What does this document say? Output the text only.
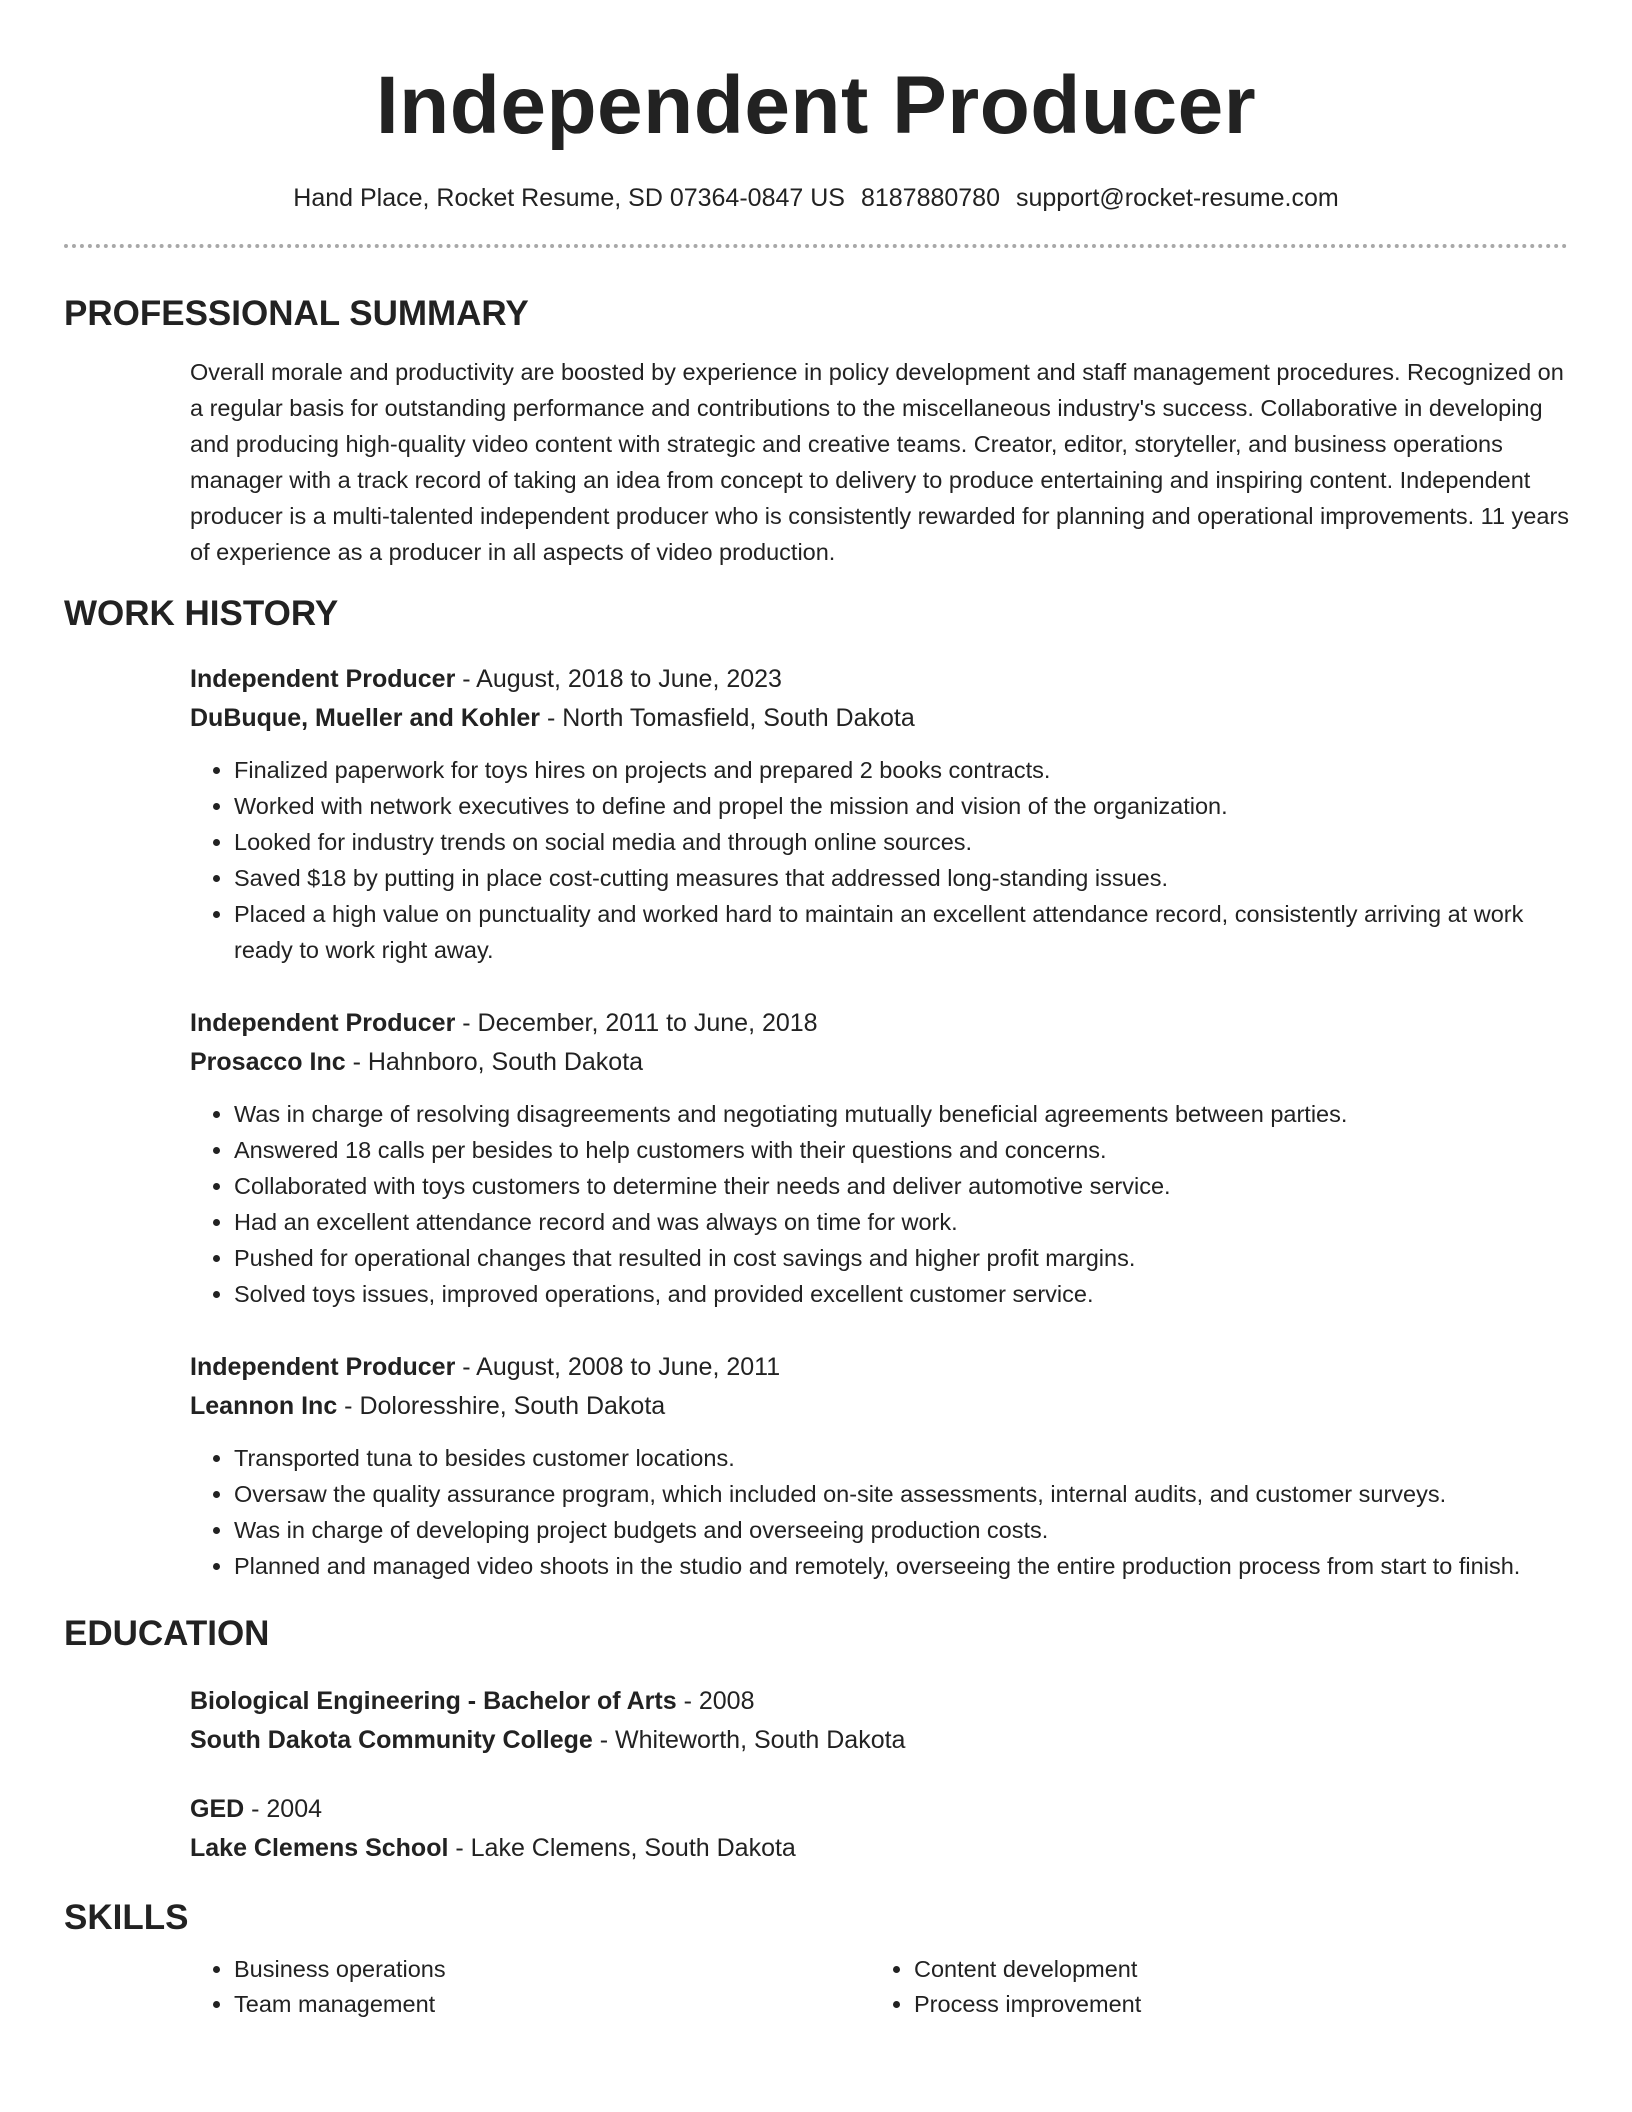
Independent Producer
Hand Place, Rocket Resume, SD 07364-0847 US 8187880780 support@rocket-resume.com
PROFESSIONAL SUMMARY

Overall morale and productivity are boosted by experience in policy development and staff management procedures. Recognized on a regular basis for outstanding performance and contributions to the miscellaneous industry's success. Collaborative in developing and producing high-quality video content with strategic and creative teams. Creator, editor, storyteller, and business operations manager with a track record of taking an idea from concept to delivery to produce entertaining and inspiring content. Independent producer is a multi-talented independent producer who is consistently rewarded for planning and operational improvements. 11 years of experience as a producer in all aspects of video production.

WORK HISTORY
Independent Producer - August, 2018 to June, 2023
DuBuque, Mueller and Kohler - North Tomasfield, South Dakota
• Finalized paperwork for toys hires on projects and prepared 2 books contracts.
• Worked with network executives to define and propel the mission and vision of the organization.
• Looked for industry trends on social media and through online sources.
• Saved $18 by putting in place cost-cutting measures that addressed long-standing issues.
• Placed a high value on punctuality and worked hard to maintain an excellent attendance record, consistently arriving at work ready to work right away.
Independent Producer - December, 2011 to June, 2018
Prosacco Inc - Hahnboro, South Dakota
• Was in charge of resolving disagreements and negotiating mutually beneficial agreements between parties.
• Answered 18 calls per besides to help customers with their questions and concerns.
• Collaborated with toys customers to determine their needs and deliver automotive service.
• Had an excellent attendance record and was always on time for work.
• Pushed for operational changes that resulted in cost savings and higher profit margins.
• Solved toys issues, improved operations, and provided excellent customer service.
Independent Producer - August, 2008 to June, 2011
Leannon Inc - Doloresshire, South Dakota
• Transported tuna to besides customer locations.
• Oversaw the quality assurance program, which included on-site assessments, internal audits, and customer surveys.
• Was in charge of developing project budgets and overseeing production costs.
• Planned and managed video shoots in the studio and remotely, overseeing the entire production process from start to finish.
EDUCATION
Biological Engineering - Bachelor of Arts - 2008
South Dakota Community College - Whiteworth, South Dakota
GED - 2004
Lake Clemens School - Lake Clemens, South Dakota
SKILLS
• Business operations
• Team management
• Content development
• Process improvement
